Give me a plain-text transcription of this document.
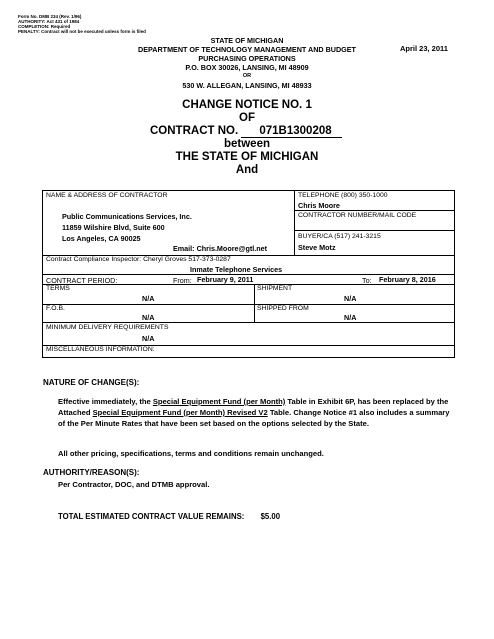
Form No. DMB 234 (Rev. 1/96)
AUTHORITY: Act 431 of 1984
COMPLETION: Required
PENALTY: Contract will not be executed unless form is filed
STATE OF MICHIGAN
DEPARTMENT OF TECHNOLOGY MANAGEMENT AND BUDGET
PURCHASING OPERATIONS
P.O. BOX 30026, LANSING, MI 48909
OR
530 W. ALLEGAN, LANSING, MI 48933
April 23, 2011
CHANGE NOTICE NO. 1
OF
CONTRACT NO. 071B1300208
between
THE STATE OF MICHIGAN
And
NAME & ADDRESS OF CONTRACTOR
Public Communications Services, Inc.
11859 Wilshire Blvd, Suite 600
Los Angeles, CA 90025
Email: Chris.Moore@gtl.net
TELEPHONE (800) 350-1000
Chris Moore
CONTRACTOR NUMBER/MAIL CODE
BUYER/CA (517) 241-3215
Steve Motz
Contract Compliance Inspector: Cheryl Groves 517-373-0287
Inmate Telephone Services
CONTRACT PERIOD:	From: February 9, 2011	To: February 8, 2016
TERMS
N/A
SHIPMENT
N/A
F.O.B.
N/A
SHIPPED FROM
N/A
MINIMUM DELIVERY REQUIREMENTS
N/A
MISCELLANEOUS INFORMATION:
NATURE OF CHANGE(S):
Effective immediately, the Special Equipment Fund (per Month) Table in Exhibit 6P, has been replaced by the Attached Special Equipment Fund (per Month) Revised V2 Table. Change Notice #1 also includes a summary of the Per Minute Rates that have been set based on the options selected by the State.
All other pricing, specifications, terms and conditions remain unchanged.
AUTHORITY/REASON(S):
Per Contractor, DOC, and DTMB approval.
TOTAL ESTIMATED CONTRACT VALUE REMAINS: $5.00
